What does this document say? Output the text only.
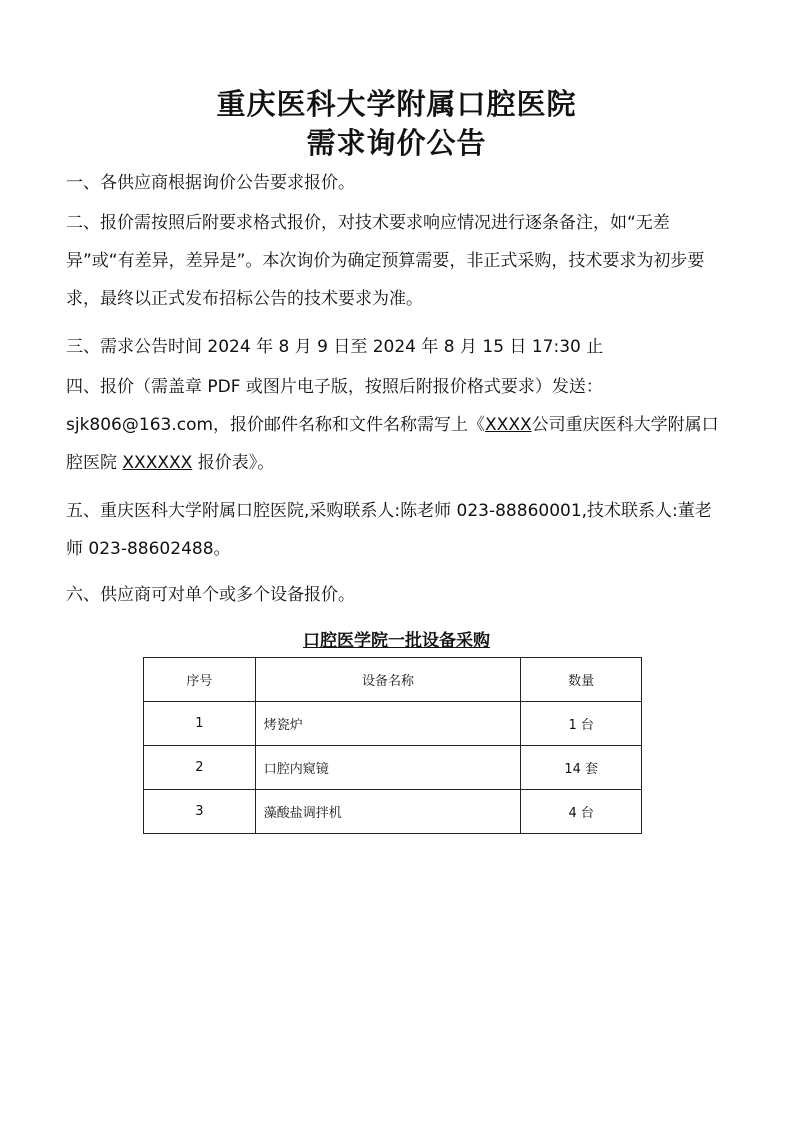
重庆医科大学附属口腔医院
需求询价公告
一、各供应商根据询价公告要求报价。
二、报价需按照后附要求格式报价，对技术要求响应情况进行逐条备注，如“无差异”或“有差异，差异是”。本次询价为确定预算需要，非正式采购，技术要求为初步要求，最终以正式发布招标公告的技术要求为准。
三、需求公告时间 2024 年 8 月 9 日至 2024 年 8 月 15 日 17:30 止
四、报价（需盖章 PDF 或图片电子版，按照后附报价格式要求）发送：sjk806@163.com，报价邮件名称和文件名称需写上《XXXX公司重庆医科大学附属口腔医院 XXXXXX 报价表》。
五、重庆医科大学附属口腔医院,采购联系人:陈老师 023-88860001,技术联系人:董老师 023-88602488。
六、供应商可对单个或多个设备报价。
口腔医学院一批设备采购
序号	设备名称	数量
1	烤瓷炉	1 台
2	口腔内窥镜	14 套
3	藻酸盐调拌机	4 台
